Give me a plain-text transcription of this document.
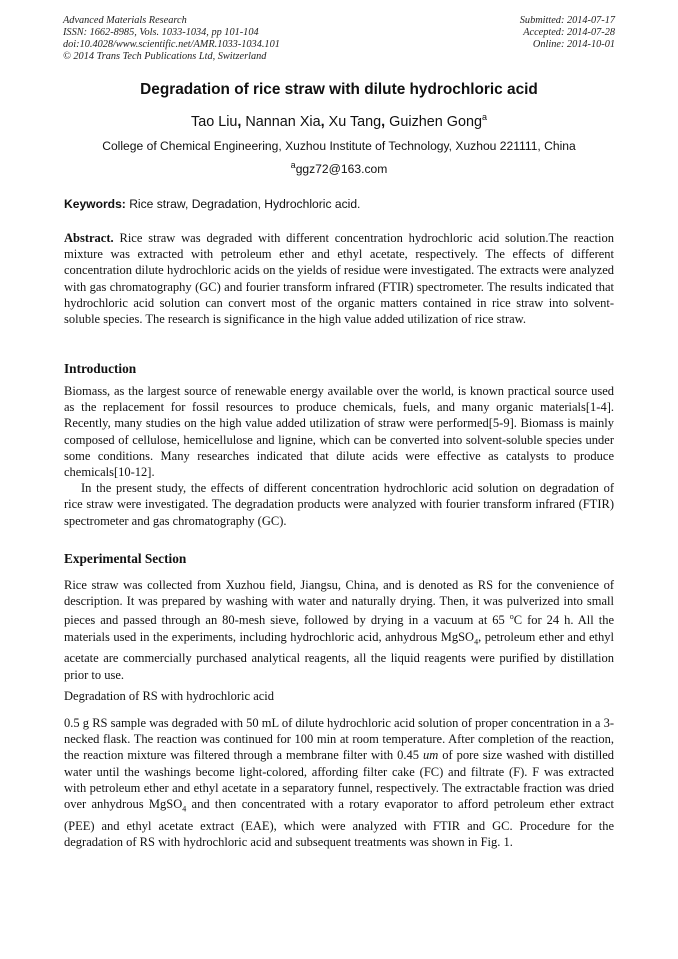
Advanced Materials Research
ISSN: 1662-8985, Vols. 1033-1034, pp 101-104
doi:10.4028/www.scientific.net/AMR.1033-1034.101
© 2014 Trans Tech Publications Ltd, Switzerland
Submitted: 2014-07-17
Accepted: 2014-07-28
Online: 2014-10-01
Degradation of rice straw with dilute hydrochloric acid
Tao Liu, Nannan Xia, Xu Tang, Guizhen Gong$^a$
College of Chemical Engineering, Xuzhou Institute of Technology, Xuzhou 221111, China
$^a$ggz72@163.com
Keywords: Rice straw, Degradation, Hydrochloric acid.

Abstract. Rice straw was degraded with different concentration hydrochloric acid solution.The reaction mixture was extracted with petroleum ether and ethyl acetate, respectively. The effects of different concentration dilute hydrochloric acids on the yields of residue were investigated. The extracts were analyzed with gas chromatography (GC) and fourier transform infrared (FTIR) spectrometer. The results indicated that hydrochloric acid solution can convert most of the organic matters contained in rice straw into solvent-soluble species. The research is significance in the high value added utilization of rice straw.

Introduction

Biomass, as the largest source of renewable energy available over the world, is known practical source used as the replacement for fossil resources to produce chemicals, fuels, and many organic materials[1-4]. Recently, many studies on the high value added utilization of straw were performed[5-9]. Biomass is mainly composed of cellulose, hemicellulose and lignine, which can be converted into solvent-soluble species under some conditions. Many researches indicated that dilute acids were effective as catalysts to produce chemicals[10-12].

In the present study, the effects of different concentration hydrochloric acid solution on degradation of rice straw were investigated. The degradation products were analyzed with fourier transform infrared (FTIR) spectrometer and gas chromatography (GC).

Experimental Section

Rice straw was collected from Xuzhou field, Jiangsu, China, and is denoted as RS for the convenience of description. It was prepared by washing with water and naturally drying. Then, it was pulverized into small pieces and passed through an 80-mesh sieve, followed by drying in a vacuum at 65 $^o$C for 24 h. All the materials used in the experiments, including hydrochloric acid, anhydrous MgSO$_4$, petroleum ether and ethyl acetate are commercially purchased analytical reagents, all the liquid reagents were purified by distillation prior to use.

Degradation of RS with hydrochloric acid

0.5 g RS sample was degraded with 50 mL of dilute hydrochloric acid solution of proper concentration in a 3-necked flask. The reaction was continued for 100 min at room temperature. After completion of the reaction, the reaction mixture was filtered through a membrane filter with 0.45 um of pore size washed with distilled water until the washings become light-colored, affording filter cake (FC) and filtrate (F). F was extracted with petroleum ether and ethyl acetate in a separatory funnel, respectively. The extractable fraction was dried over anhydrous MgSO$_4$ and then concentrated with a rotary evaporator to afford petroleum ether extract (PEE) and ethyl acetate extract (EAE), which were analyzed with FTIR and GC. Procedure for the degradation of RS with hydrochloric acid and subsequent treatments was shown in Fig. 1.
